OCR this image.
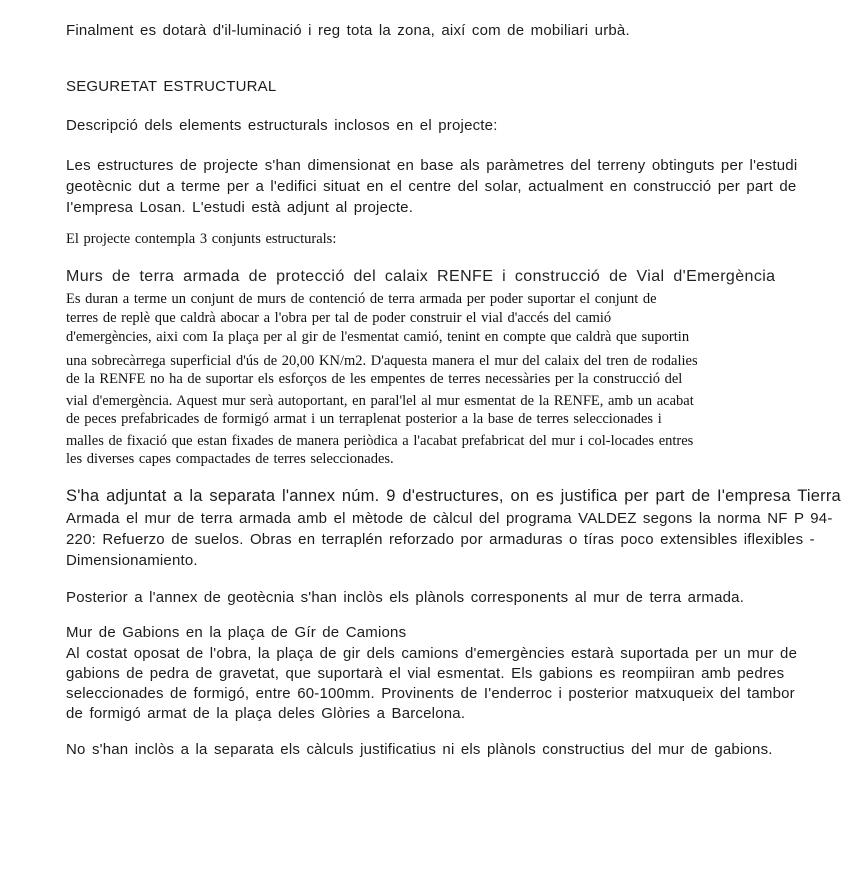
Finalment es dotarà d'il-luminació i reg tota la zona, així com de mobiliari urbà.
SEGURETAT ESTRUCTURAL
Descripció dels elements estructurals inclosos en el projecte:
Les estructures de projecte s'han dimensionat en base als paràmetres del terreny obtinguts per l'estudi
geotècnic dut a terme per a l'edifici situat en el centre del solar, actualment en construcció per part de
I'empresa Losan. L'estudi està adjunt al projecte.
El projecte contempla 3 conjunts estructurals:
Murs de terra armada de protecció del calaix RENFE i construcció de Vial d'Emergència
Es duran a terme un conjunt de murs de contenció de terra armada per poder suportar el conjunt de
terres de replè que caldrà abocar a l'obra per tal de poder construir el vial d'accés del camió
d'emergències, aixi com Ia plaça per al gir de l'esmentat camió, tenint en compte que caldrà que suportin
una sobrecàrrega superficial d'ús de 20,00 KN/m2. D'aquesta manera el mur del calaix del tren de rodalies
de la RENFE no ha de suportar els esforços de les empentes de terres necessàries per la construcció del
vial d'emergència. Aquest mur serà autoportant, en paral'lel al mur esmentat de la RENFE, amb un acabat
de peces prefabricades de formigó armat i un terraplenat posterior a la base de terres seleccionades i
malles de fixació que estan fixades de manera periòdica a l'acabat prefabricat del mur i col-locades entres
les diverses capes compactades de terres seleccionades.
S'ha adjuntat a la separata l'annex núm. 9 d'estructures, on es justifica per part de I'empresa Tierra
Armada el mur de terra armada amb el mètode de càlcul del programa VALDEZ segons la norma NF P 94-
220: Refuerzo de suelos. Obras en terraplén reforzado por armaduras o tíras poco extensibles iflexibles -
Dimensionamiento.
Posterior a l'annex de geotècnia s'han inclòs els plànols corresponents al mur de terra armada.
Mur de Gabions en la plaça de Gír de Camions
Al costat oposat de l'obra, la plaça de gir dels camions d'emergències estarà suportada per un mur de
gabions de pedra de gravetat, que suportarà el vial esmentat. Els gabions es reompiiran amb pedres
seleccionades de formigó, entre 60-100mm. Provinents de I'enderroc i posterior matxuqueix del tambor
de formigó armat de la plaça deles Glòries a Barcelona.
No s'han inclòs a la separata els càlculs justificatius ni els plànols constructius del mur de gabions.
